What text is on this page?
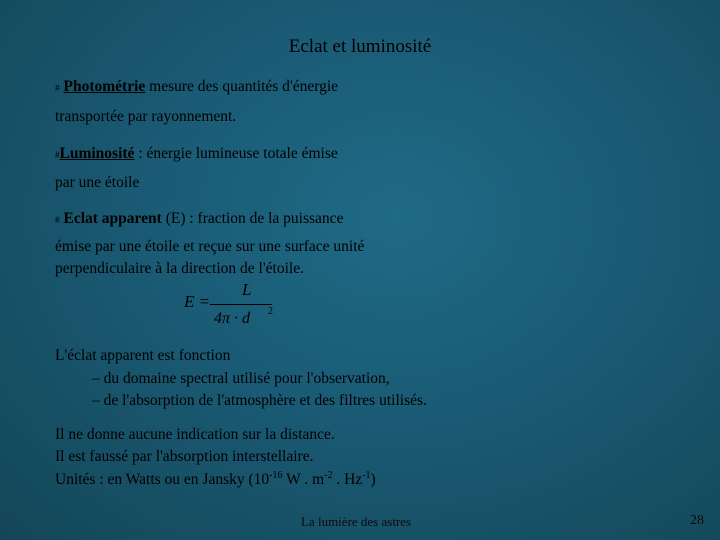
Eclat et luminosité
# Photométrie mesure des quantités d'énergie
transportée par rayonnement.
#Luminosité : énergie lumineuse totale émise
par une étoile
# Eclat apparent (E) : fraction de la puissance
émise par une étoile et reçue sur une surface unité
perpendiculaire à la direction de l'étoile.
E =
L
4π · d 2
L'éclat apparent est fonction
– du domaine spectral utilisé pour l'observation,
– de l'absorption de l'atmosphère et des filtres utilisés.
Il ne donne aucune indication sur la distance.
Il est faussé par l'absorption interstellaire.
Unités : en Watts ou en Jansky ($10^{-16}$ W . $m^{-2}$ . $Hz^{-1}$)
La lumière des astres	28
